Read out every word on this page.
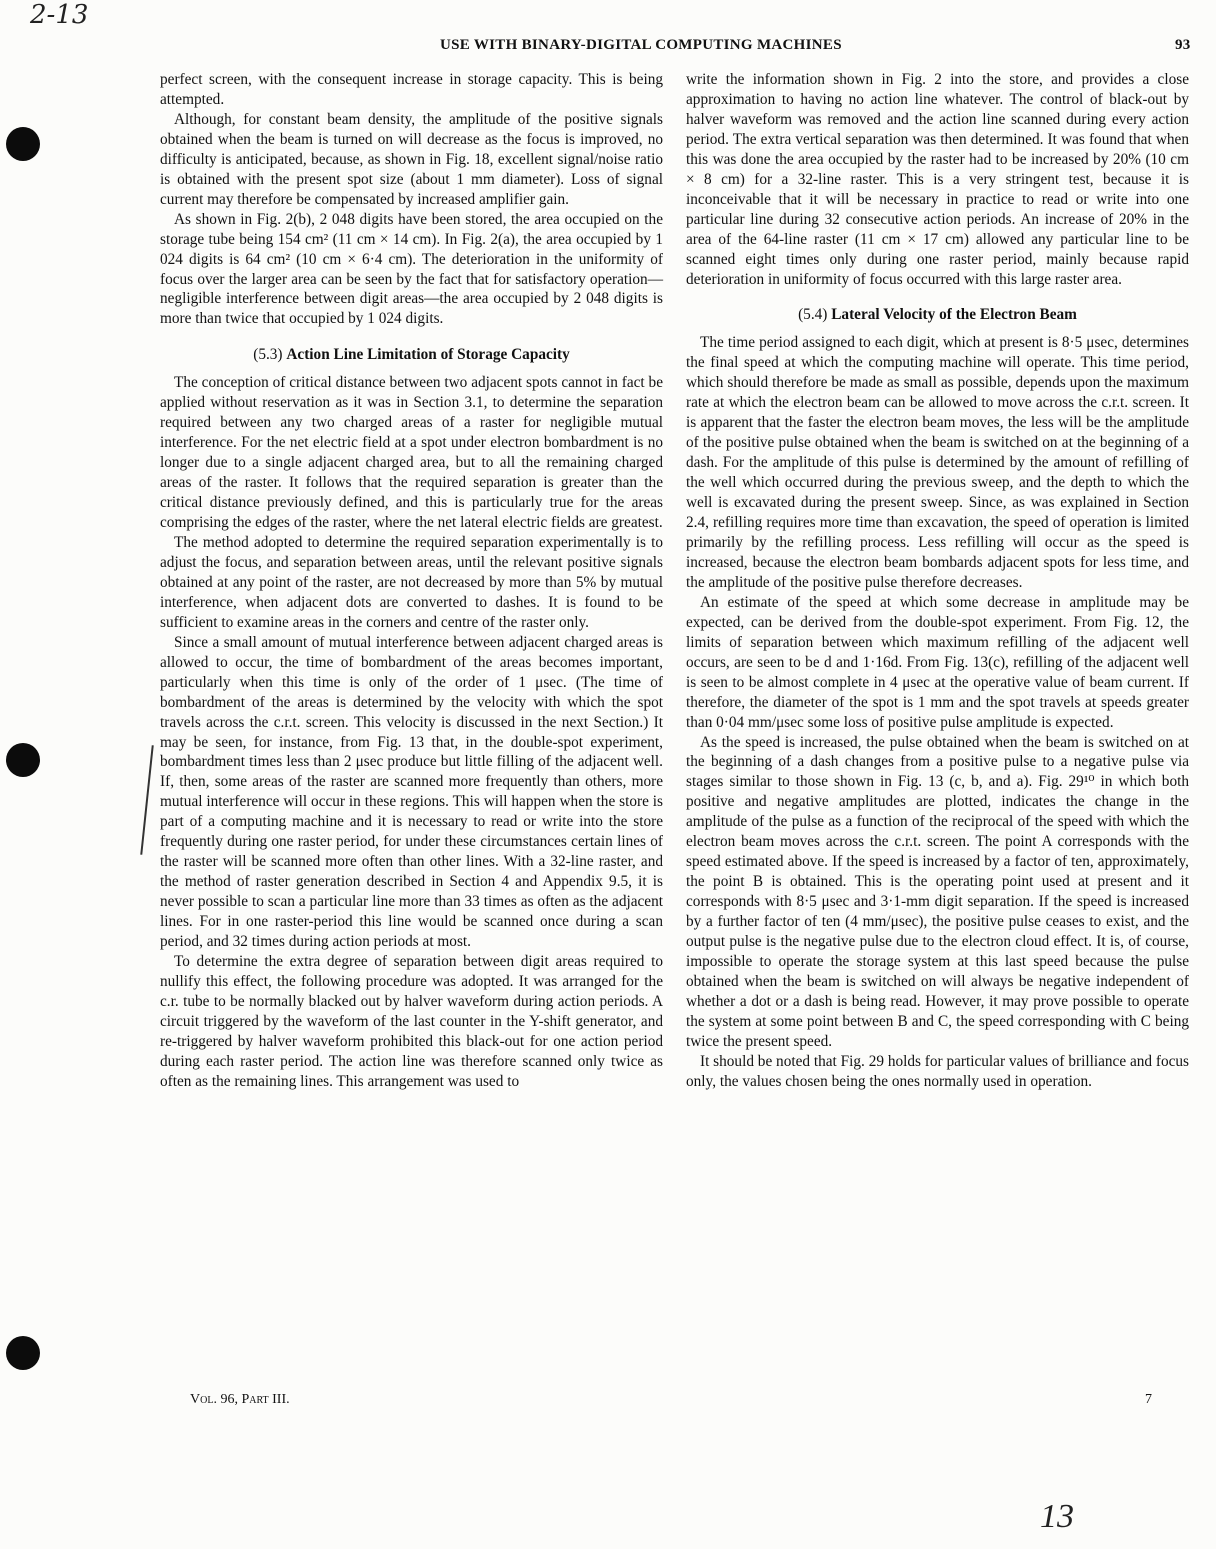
2-13
USE WITH BINARY-DIGITAL COMPUTING MACHINES	93

perfect screen, with the consequent increase in storage capacity. This is being attempted.

Although, for constant beam density, the amplitude of the positive signals obtained when the beam is turned on will decrease as the focus is improved, no difficulty is anticipated, because, as shown in Fig. 18, excellent signal/noise ratio is obtained with the present spot size (about 1 mm diameter). Loss of signal current may therefore be compensated by increased amplifier gain.

As shown in Fig. 2(b), 2 048 digits have been stored, the area occupied on the storage tube being 154 cm² (11 cm × 14 cm). In Fig. 2(a), the area occupied by 1 024 digits is 64 cm² (10 cm × 6·4 cm). The deterioration in the uniformity of focus over the larger area can be seen by the fact that for satisfactory operation—negligible interference between digit areas—the area occupied by 2 048 digits is more than twice that occupied by 1 024 digits.

(5.3) Action Line Limitation of Storage Capacity

The conception of critical distance between two adjacent spots cannot in fact be applied without reservation as it was in Section 3.1, to determine the separation required between any two charged areas of a raster for negligible mutual interference. For the net electric field at a spot under electron bombardment is no longer due to a single adjacent charged area, but to all the remaining charged areas of the raster. It follows that the required separation is greater than the critical distance previously defined, and this is particularly true for the areas comprising the edges of the raster, where the net lateral electric fields are greatest.

The method adopted to determine the required separation experimentally is to adjust the focus, and separation between areas, until the relevant positive signals obtained at any point of the raster, are not decreased by more than 5% by mutual interference, when adjacent dots are converted to dashes. It is found to be sufficient to examine areas in the corners and centre of the raster only.

Since a small amount of mutual interference between adjacent charged areas is allowed to occur, the time of bombardment of the areas becomes important, particularly when this time is only of the order of 1 μsec. (The time of bombardment of the areas is determined by the velocity with which the spot travels across the c.r.t. screen. This velocity is discussed in the next Section.) It may be seen, for instance, from Fig. 13 that, in the double-spot experiment, bombardment times less than 2 μsec produce but little filling of the adjacent well. If, then, some areas of the raster are scanned more frequently than others, more mutual interference will occur in these regions. This will happen when the store is part of a computing machine and it is necessary to read or write into the store frequently during one raster period, for under these circumstances certain lines of the raster will be scanned more often than other lines. With a 32-line raster, and the method of raster generation described in Section 4 and Appendix 9.5, it is never possible to scan a particular line more than 33 times as often as the adjacent lines. For in one raster-period this line would be scanned once during a scan period, and 32 times during action periods at most.

To determine the extra degree of separation between digit areas required to nullify this effect, the following procedure was adopted. It was arranged for the c.r. tube to be normally blacked out by halver waveform during action periods. A circuit triggered by the waveform of the last counter in the Y-shift generator, and re-triggered by halver waveform prohibited this black-out for one action period during each raster period. The action line was therefore scanned only twice as often as the remaining lines. This arrangement was used to

write the information shown in Fig. 2 into the store, and provides a close approximation to having no action line whatever. The control of black-out by halver waveform was removed and the action line scanned during every action period. The extra vertical separation was then determined. It was found that when this was done the area occupied by the raster had to be increased by 20% (10 cm × 8 cm) for a 32-line raster. This is a very stringent test, because it is inconceivable that it will be necessary in practice to read or write into one particular line during 32 consecutive action periods. An increase of 20% in the area of the 64-line raster (11 cm × 17 cm) allowed any particular line to be scanned eight times only during one raster period, mainly because rapid deterioration in uniformity of focus occurred with this large raster area.

(5.4) Lateral Velocity of the Electron Beam

The time period assigned to each digit, which at present is 8·5 μsec, determines the final speed at which the computing machine will operate. This time period, which should therefore be made as small as possible, depends upon the maximum rate at which the electron beam can be allowed to move across the c.r.t. screen. It is apparent that the faster the electron beam moves, the less will be the amplitude of the positive pulse obtained when the beam is switched on at the beginning of a dash. For the amplitude of this pulse is determined by the amount of refilling of the well which occurred during the previous sweep, and the depth to which the well is excavated during the present sweep. Since, as was explained in Section 2.4, refilling requires more time than excavation, the speed of operation is limited primarily by the refilling process. Less refilling will occur as the speed is increased, because the electron beam bombards adjacent spots for less time, and the amplitude of the positive pulse therefore decreases.

An estimate of the speed at which some decrease in amplitude may be expected, can be derived from the double-spot experiment. From Fig. 12, the limits of separation between which maximum refilling of the adjacent well occurs, are seen to be d and 1·16d. From Fig. 13(c), refilling of the adjacent well is seen to be almost complete in 4 μsec at the operative value of beam current. If therefore, the diameter of the spot is 1 mm and the spot travels at speeds greater than 0·04 mm/μsec some loss of positive pulse amplitude is expected.

As the speed is increased, the pulse obtained when the beam is switched on at the beginning of a dash changes from a positive pulse to a negative pulse via stages similar to those shown in Fig. 13 (c, b, and a). Fig. 29¹⁰ in which both positive and negative amplitudes are plotted, indicates the change in the amplitude of the pulse as a function of the reciprocal of the speed with which the electron beam moves across the c.r.t. screen. The point A corresponds with the speed estimated above. If the speed is increased by a factor of ten, approximately, the point B is obtained. This is the operating point used at present and it corresponds with 8·5 μsec and 3·1-mm digit separation. If the speed is increased by a further factor of ten (4 mm/μsec), the positive pulse ceases to exist, and the output pulse is the negative pulse due to the electron cloud effect. It is, of course, impossible to operate the storage system at this last speed because the pulse obtained when the beam is switched on will always be negative independent of whether a dot or a dash is being read. However, it may prove possible to operate the system at some point between B and C, the speed corresponding with C being twice the present speed.

It should be noted that Fig. 29 holds for particular values of brilliance and focus only, the values chosen being the ones normally used in operation.

Vol. 96, Part III.	7
13
